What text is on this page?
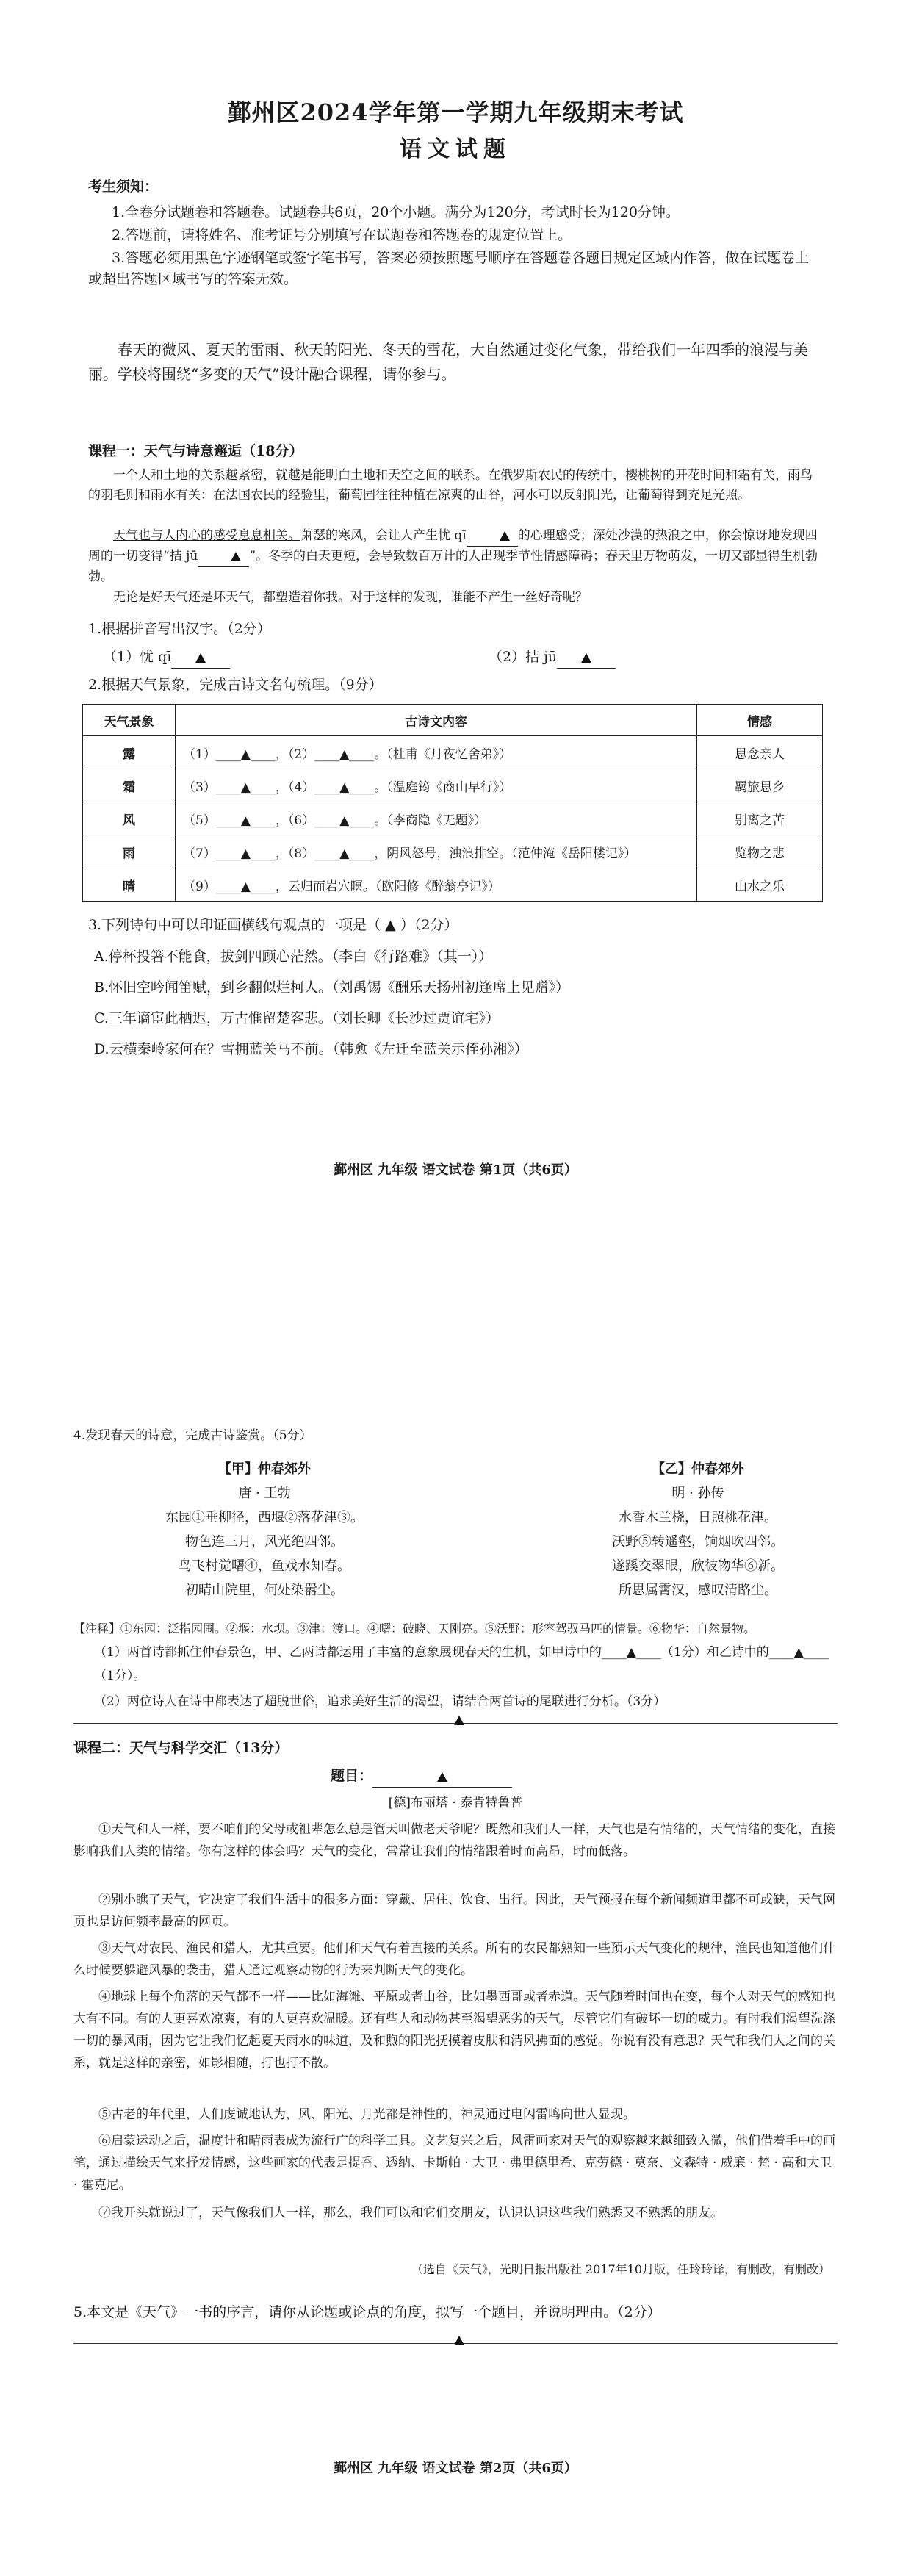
鄞州区2024学年第一学期九年级期末考试
语文试题
考生须知：
1.全卷分试题卷和答题卷。试题卷共6页，20个小题。满分为120分，考试时长为120分钟。
2.答题前，请将姓名、准考证号分别填写在试题卷和答题卷的规定位置上。
3.答题必须用黑色字迹钢笔或签字笔书写，答案必须按照题号顺序在答题卷各题目规定区域内作答，做在试题卷上或超出答题区域书写的答案无效。
春天的微风、夏天的雷雨、秋天的阳光、冬天的雪花，大自然通过变化气象，带给我们一年四季的浪漫与美丽。学校将围绕“多变的天气”设计融合课程，请你参与。
课程一：天气与诗意邂逅（18分）
一个人和土地的关系越紧密，就越是能明白土地和天空之间的联系。在俄罗斯农民的传统中，樱桃树的开花时间和霜有关，雨鸟的羽毛则和雨水有关：在法国农民的经验里，葡萄园往往种植在凉爽的山谷，河水可以反射阳光，让葡萄得到充足光照。
天气也与人内心的感受息息相关。萧瑟的寒风，会让人产生忧 qī	的心理感受；深处沙漠的热浪之中，你会惊讶地发现四周的一切变得“拮 jū	”。冬季的白天更短，会导致数百万计的人出现季节性情感障碍；春天里万物萌发，一切又都显得生机勃勃。
无论是好天气还是坏天气，都塑造着你我。对于这样的发现，谁能不产生一丝好奇呢？
1.根据拼音写出汉字。（2分）
（1）忧 qī	（2）拮 jū
2.根据天气景象，完成古诗文名句梳理。（9分）
天气景象	古诗文内容	情感
露	（1）____▲____，（2）____▲____。（杜甫《月夜忆舍弟》）	思念亲人
霜	（3）____▲____，（4）____▲____。（温庭筠《商山早行》）	羁旅思乡
风	（5）____▲____，（6）____▲____。（李商隐《无题》）	别离之苦
雨	（7）____▲____，（8）____▲____，阴风怒号，浊浪排空。（范仲淹《岳阳楼记》）	览物之悲
晴	（9）____▲____，云归而岩穴暝。（欧阳修《醉翁亭记》）	山水之乐
3.下列诗句中可以印证画横线句观点的一项是（ ▲ ）（2分）
A.停杯投箸不能食，拔剑四顾心茫然。（李白《行路难》（其一））
B.怀旧空吟闻笛赋，到乡翻似烂柯人。（刘禹锡《酬乐天扬州初逢席上见赠》）
C.三年谪宦此栖迟，万古惟留楚客悲。（刘长卿《长沙过贾谊宅》）
D.云横秦岭家何在？雪拥蓝关马不前。（韩愈《左迁至蓝关示侄孙湘》）
鄞州区 九年级 语文试卷 第1页（共6页）
4.发现春天的诗意，完成古诗鉴赏。（5分）
【甲】仲春郊外
唐 · 王勃
东园①垂柳径，西堰②落花津③。
物色连三月，风光绝四邻。
鸟飞村觉曙④，鱼戏水知春。
初晴山院里，何处染嚣尘。
【乙】仲春郊外
明 · 孙传
水香木兰桡，日照桃花津。
沃野⑤转遥壑，饷烟吹四邻。
遂蹊交翠眼，欣彼物华⑥新。
所思属霄汉，感叹清路尘。
【注释】①东园：泛指园圃。②堰：水坝。③津：渡口。④曙：破晓、天刚亮。⑤沃野：形容驾驭马匹的情景。⑥物华：自然景物。
（1）两首诗都抓住仲春景色，甲、乙两诗都运用了丰富的意象展现春天的生机，如甲诗中的____▲____（1分）和乙诗中的____▲____（1分）。
（2）两位诗人在诗中都表达了超脱世俗，追求美好生活的渴望，请结合两首诗的尾联进行分析。（3分）
课程二：天气与科学交汇（13分）
题目：
[德]布丽塔 · 泰肯特鲁普
①天气和人一样，要不咱们的父母或祖辈怎么总是管天叫做老天爷呢？既然和我们人一样，天气也是有情绪的，天气情绪的变化，直接影响我们人类的情绪。你有这样的体会吗？天气的变化，常常让我们的情绪跟着时而高昂，时而低落。
②别小瞧了天气，它决定了我们生活中的很多方面：穿戴、居住、饮食、出行。因此，天气预报在每个新闻频道里都不可或缺，天气网页也是访问频率最高的网页。
③天气对农民、渔民和猎人，尤其重要。他们和天气有着直接的关系。所有的农民都熟知一些预示天气变化的规律，渔民也知道他们什么时候要躲避风暴的袭击，猎人通过观察动物的行为来判断天气的变化。
④地球上每个角落的天气都不一样——比如海滩、平原或者山谷，比如墨西哥或者赤道。天气随着时间也在变，每个人对天气的感知也大有不同。有的人更喜欢凉爽，有的人更喜欢温暖。还有些人和动物甚至渴望恶劣的天气，尽管它们有破坏一切的威力。有时我们渴望洗涤一切的暴风雨，因为它让我们忆起夏天雨水的味道，及和煦的阳光抚摸着皮肤和清风拂面的感觉。你说有没有意思？天气和我们人之间的关系，就是这样的亲密，如影相随，打也打不散。
⑤古老的年代里，人们虔诚地认为，风、阳光、月光都是神性的，神灵通过电闪雷鸣向世人显现。
⑥启蒙运动之后，温度计和晴雨表成为流行广的科学工具。文艺复兴之后，风雷画家对天气的观察越来越细致入微，他们借着手中的画笔，通过描绘天气来抒发情感，这些画家的代表是提香、透纳、卡斯帕 · 大卫 · 弗里德里希、克劳德 · 莫奈、文森特 · 威廉 · 梵 · 高和大卫 · 霍克尼。
⑦我开头就说过了，天气像我们人一样，那么，我们可以和它们交朋友，认识认识这些我们熟悉又不熟悉的朋友。
（选自《天气》，光明日报出版社 2017年10月版，任玲玲译，有删改，有删改）
5.本文是《天气》一书的序言，请你从论题或论点的角度，拟写一个题目，并说明理由。（2分）
鄞州区 九年级 语文试卷 第2页（共6页）
